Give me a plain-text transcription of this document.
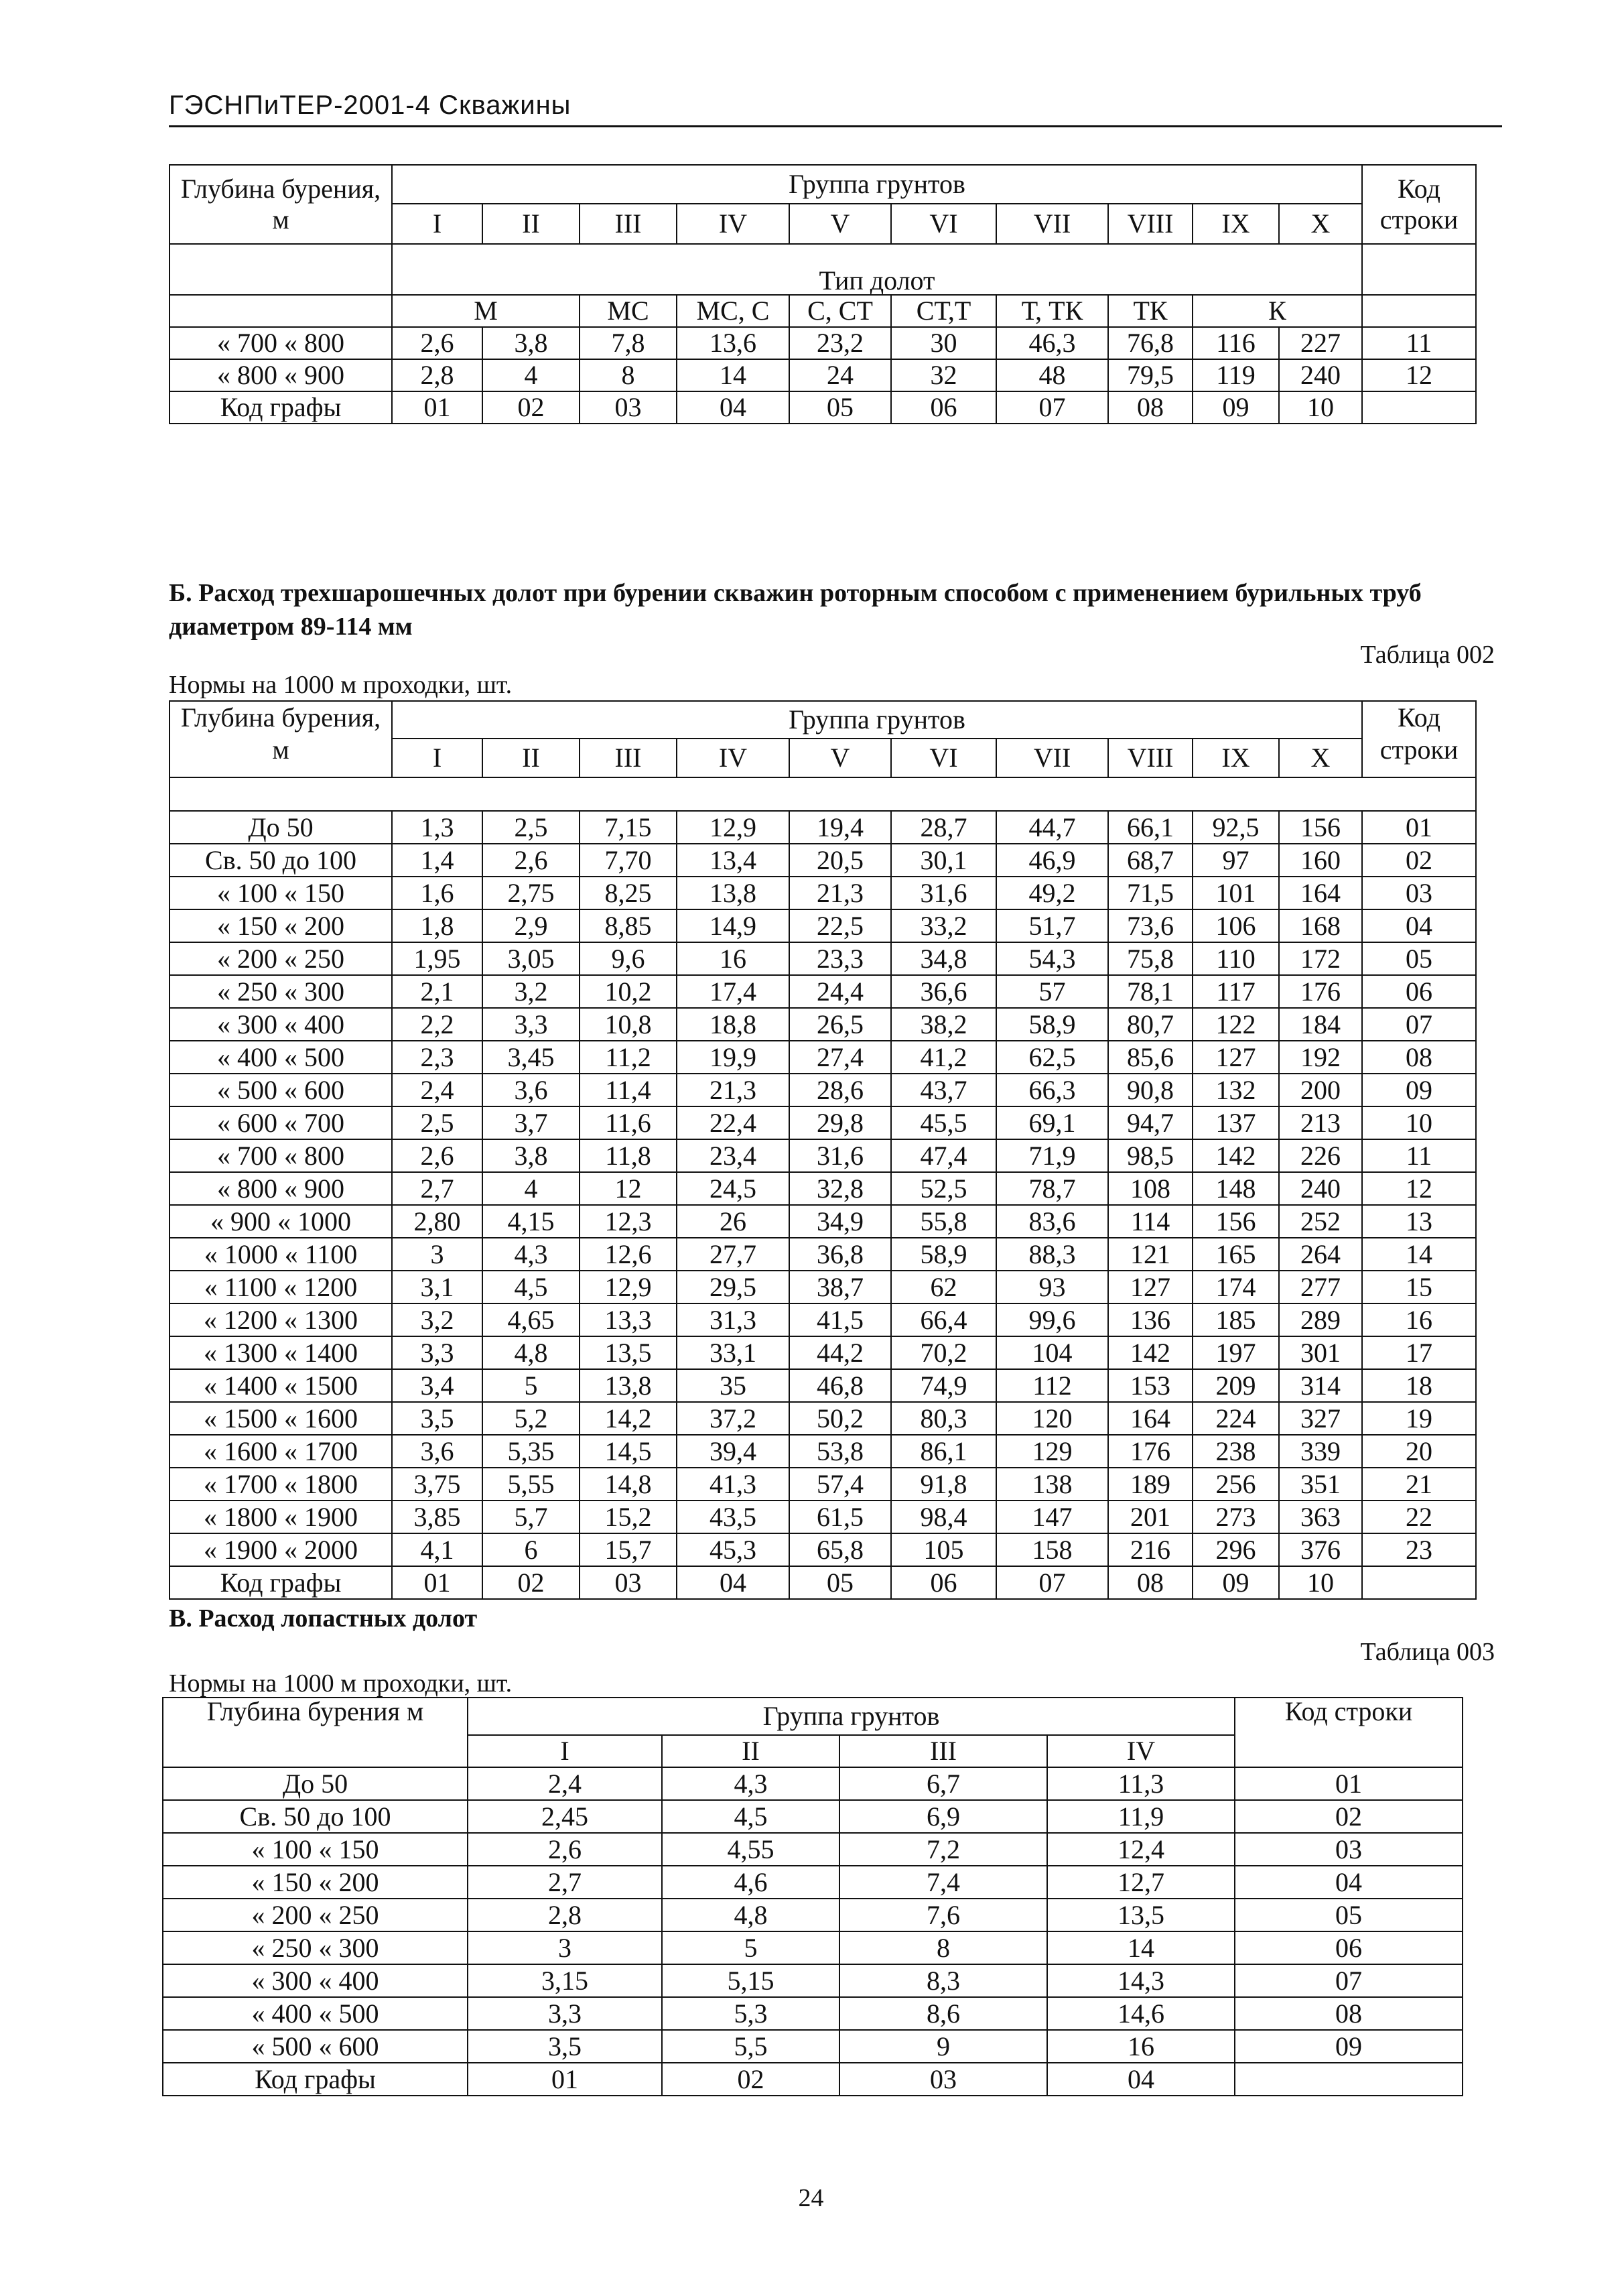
ГЭСНПиТЕР-2001-4 Скважины
Глубина бурения, м	Группа грунтов										Код строки
	I	II	III	IV	V	VI	VII	VIII	IX	X	
	Тип долот										
	М		МС	МС, С	С, СТ	СТ,Т	Т, ТК	ТК	К		
« 700 « 800	2,6	3,8	7,8	13,6	23,2	30	46,3	76,8	116	227	11
« 800 « 900	2,8	4	8	14	24	32	48	79,5	119	240	12
Код графы	01	02	03	04	05	06	07	08	09	10	
Б. Расход трехшарошечных долот при бурении скважин роторным способом с применением бурильных труб диаметром 89-114 мм
Таблица 002
Нормы на 1000 м проходки, шт.
Глубина бурения, м	Группа грунтов										Код строки
	I	II	III	IV	V	VI	VII	VIII	IX	X	

До 50	1,3	2,5	7,15	12,9	19,4	28,7	44,7	66,1	92,5	156	01
Св. 50 до 100	1,4	2,6	7,70	13,4	20,5	30,1	46,9	68,7	97	160	02
« 100 « 150	1,6	2,75	8,25	13,8	21,3	31,6	49,2	71,5	101	164	03
« 150 « 200	1,8	2,9	8,85	14,9	22,5	33,2	51,7	73,6	106	168	04
« 200 « 250	1,95	3,05	9,6	16	23,3	34,8	54,3	75,8	110	172	05
« 250 « 300	2,1	3,2	10,2	17,4	24,4	36,6	57	78,1	117	176	06
« 300 « 400	2,2	3,3	10,8	18,8	26,5	38,2	58,9	80,7	122	184	07
« 400 « 500	2,3	3,45	11,2	19,9	27,4	41,2	62,5	85,6	127	192	08
« 500 « 600	2,4	3,6	11,4	21,3	28,6	43,7	66,3	90,8	132	200	09
« 600 « 700	2,5	3,7	11,6	22,4	29,8	45,5	69,1	94,7	137	213	10
« 700 « 800	2,6	3,8	11,8	23,4	31,6	47,4	71,9	98,5	142	226	11
« 800 « 900	2,7	4	12	24,5	32,8	52,5	78,7	108	148	240	12
« 900 « 1000	2,80	4,15	12,3	26	34,9	55,8	83,6	114	156	252	13
« 1000 « 1100	3	4,3	12,6	27,7	36,8	58,9	88,3	121	165	264	14
« 1100 « 1200	3,1	4,5	12,9	29,5	38,7	62	93	127	174	277	15
« 1200 « 1300	3,2	4,65	13,3	31,3	41,5	66,4	99,6	136	185	289	16
« 1300 « 1400	3,3	4,8	13,5	33,1	44,2	70,2	104	142	197	301	17
« 1400 « 1500	3,4	5	13,8	35	46,8	74,9	112	153	209	314	18
« 1500 « 1600	3,5	5,2	14,2	37,2	50,2	80,3	120	164	224	327	19
« 1600 « 1700	3,6	5,35	14,5	39,4	53,8	86,1	129	176	238	339	20
« 1700 « 1800	3,75	5,55	14,8	41,3	57,4	91,8	138	189	256	351	21
« 1800 « 1900	3,85	5,7	15,2	43,5	61,5	98,4	147	201	273	363	22
« 1900 « 2000	4,1	6	15,7	45,3	65,8	105	158	216	296	376	23
Код графы	01	02	03	04	05	06	07	08	09	10	
В. Расход лопастных долот
Таблица 003
Нормы на 1000 м проходки, шт.
Глубина бурения м	Группа грунтов				Код строки
	I	II	III	IV	
До 50	2,4	4,3	6,7	11,3	01
Св. 50 до 100	2,45	4,5	6,9	11,9	02
« 100 « 150	2,6	4,55	7,2	12,4	03
« 150 « 200	2,7	4,6	7,4	12,7	04
« 200 « 250	2,8	4,8	7,6	13,5	05
« 250 « 300	3	5	8	14	06
« 300 « 400	3,15	5,15	8,3	14,3	07
« 400 « 500	3,3	5,3	8,6	14,6	08
« 500 « 600	3,5	5,5	9	16	09
Код графы	01	02	03	04	
24
